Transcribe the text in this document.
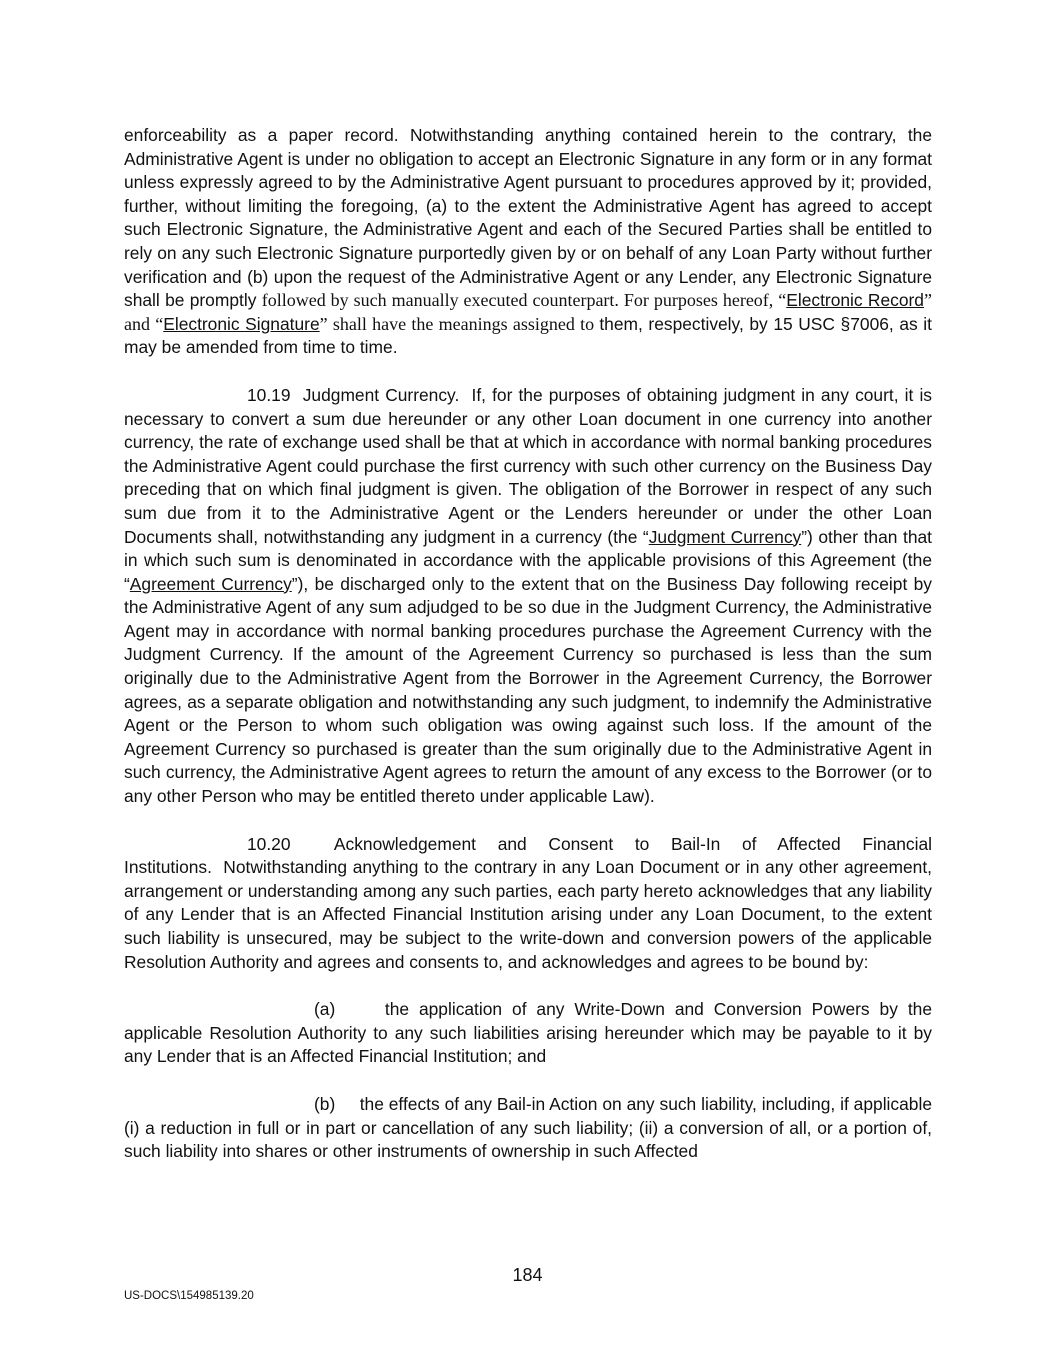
enforceability as a paper record. Notwithstanding anything contained herein to the contrary, the Administrative Agent is under no obligation to accept an Electronic Signature in any form or in any format unless expressly agreed to by the Administrative Agent pursuant to procedures approved by it; provided, further, without limiting the foregoing, (a) to the extent the Administrative Agent has agreed to accept such Electronic Signature, the Administrative Agent and each of the Secured Parties shall be entitled to rely on any such Electronic Signature purportedly given by or on behalf of any Loan Party without further verification and (b) upon the request of the Administrative Agent or any Lender, any Electronic Signature shall be promptly followed by such manually executed counterpart. For purposes hereof, “Electronic Record” and “Electronic Signature” shall have the meanings assigned to them, respectively, by 15 USC §7006, as it may be amended from time to time.

10.19 Judgment Currency. If, for the purposes of obtaining judgment in any court, it is necessary to convert a sum due hereunder or any other Loan document in one currency into another currency, the rate of exchange used shall be that at which in accordance with normal banking procedures the Administrative Agent could purchase the first currency with such other currency on the Business Day preceding that on which final judgment is given. The obligation of the Borrower in respect of any such sum due from it to the Administrative Agent or the Lenders hereunder or under the other Loan Documents shall, notwithstanding any judgment in a currency (the “Judgment Currency”) other than that in which such sum is denominated in accordance with the applicable provisions of this Agreement (the “Agreement Currency”), be discharged only to the extent that on the Business Day following receipt by the Administrative Agent of any sum adjudged to be so due in the Judgment Currency, the Administrative Agent may in accordance with normal banking procedures purchase the Agreement Currency with the Judgment Currency. If the amount of the Agreement Currency so purchased is less than the sum originally due to the Administrative Agent from the Borrower in the Agreement Currency, the Borrower agrees, as a separate obligation and notwithstanding any such judgment, to indemnify the Administrative Agent or the Person to whom such obligation was owing against such loss. If the amount of the Agreement Currency so purchased is greater than the sum originally due to the Administrative Agent in such currency, the Administrative Agent agrees to return the amount of any excess to the Borrower (or to any other Person who may be entitled thereto under applicable Law).

10.20 Acknowledgement and Consent to Bail-In of Affected Financial Institutions. Notwithstanding anything to the contrary in any Loan Document or in any other agreement, arrangement or understanding among any such parties, each party hereto acknowledges that any liability of any Lender that is an Affected Financial Institution arising under any Loan Document, to the extent such liability is unsecured, may be subject to the write-down and conversion powers of the applicable Resolution Authority and agrees and consents to, and acknowledges and agrees to be bound by:

(a)	the application of any Write-Down and Conversion Powers by the applicable Resolution Authority to any such liabilities arising hereunder which may be payable to it by any Lender that is an Affected Financial Institution; and

(b) the effects of any Bail-in Action on any such liability, including, if applicable (i) a reduction in full or in part or cancellation of any such liability; (ii) a conversion of all, or a portion of, such liability into shares or other instruments of ownership in such Affected

184
US-DOCS\154985139.20
